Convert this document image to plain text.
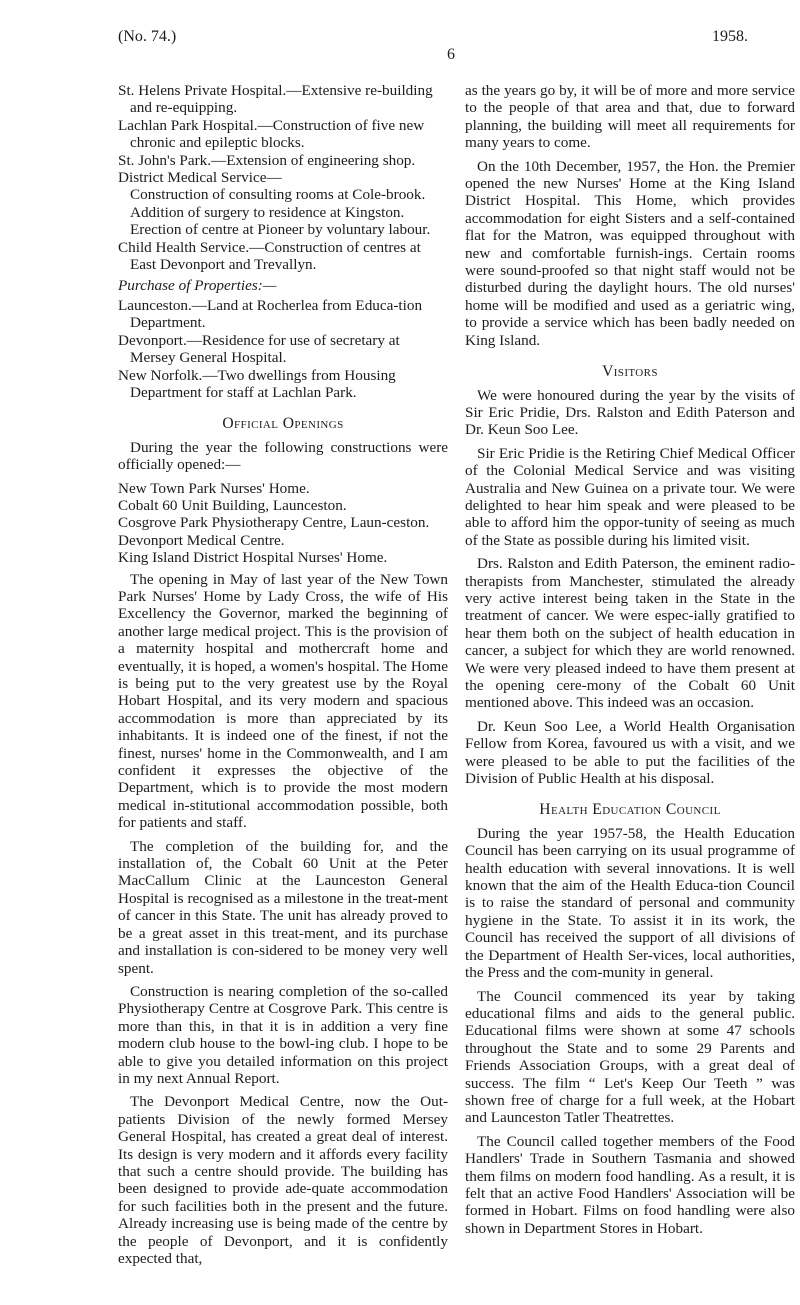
(No. 74.)	1958.
6
St. Helens Private Hospital.—Extensive re-building and re-equipping.
Lachlan Park Hospital.—Construction of five new chronic and epileptic blocks.
St. John's Park.—Extension of engineering shop.
District Medical Service—
Construction of consulting rooms at Cole-brook.
Addition of surgery to residence at Kingston.
Erection of centre at Pioneer by voluntary labour.
Child Health Service.—Construction of centres at East Devonport and Trevallyn.
Purchase of Properties:—
Launceston.—Land at Rocherlea from Educa-tion Department.
Devonport.—Residence for use of secretary at Mersey General Hospital.
New Norfolk.—Two dwellings from Housing Department for staff at Lachlan Park.
Official Openings

During the year the following constructions were officially opened:—

New Town Park Nurses' Home.
Cobalt 60 Unit Building, Launceston.
Cosgrove Park Physiotherapy Centre, Laun-ceston.
Devonport Medical Centre.
King Island District Hospital Nurses' Home.

The opening in May of last year of the New Town Park Nurses' Home by Lady Cross, the wife of His Excellency the Governor, marked the beginning of another large medical project. This is the provision of a maternity hospital and mothercraft home and eventually, it is hoped, a women's hospital. The Home is being put to the very greatest use by the Royal Hobart Hospital, and its very modern and spacious accommodation is more than appreciated by its inhabitants. It is indeed one of the finest, if not the finest, nurses' home in the Commonwealth, and I am confident it expresses the objective of the Department, which is to provide the most modern medical in-stitutional accommodation possible, both for patients and staff.

The completion of the building for, and the installation of, the Cobalt 60 Unit at the Peter MacCallum Clinic at the Launceston General Hospital is recognised as a milestone in the treat-ment of cancer in this State. The unit has already proved to be a great asset in this treat-ment, and its purchase and installation is con-sidered to be money very well spent.

Construction is nearing completion of the so-called Physiotherapy Centre at Cosgrove Park. This centre is more than this, in that it is in addition a very fine modern club house to the bowl-ing club. I hope to be able to give you detailed information on this project in my next Annual Report.

The Devonport Medical Centre, now the Out-patients Division of the newly formed Mersey General Hospital, has created a great deal of interest. Its design is very modern and it affords every facility that such a centre should provide. The building has been designed to provide ade-quate accommodation for such facilities both in the present and the future. Already increasing use is being made of the centre by the people of Devonport, and it is confidently expected that,

as the years go by, it will be of more and more service to the people of that area and that, due to forward planning, the building will meet all requirements for many years to come.

On the 10th December, 1957, the Hon. the Premier opened the new Nurses' Home at the King Island District Hospital. This Home, which provides accommodation for eight Sisters and a self-contained flat for the Matron, was equipped throughout with new and comfortable furnish-ings. Certain rooms were sound-proofed so that night staff would not be disturbed during the daylight hours. The old nurses' home will be modified and used as a geriatric wing, to provide a service which has been badly needed on King Island.

Visitors

We were honoured during the year by the visits of Sir Eric Pridie, Drs. Ralston and Edith Paterson and Dr. Keun Soo Lee.

Sir Eric Pridie is the Retiring Chief Medical Officer of the Colonial Medical Service and was visiting Australia and New Guinea on a private tour. We were delighted to hear him speak and were pleased to be able to afford him the oppor-tunity of seeing as much of the State as possible during his limited visit.

Drs. Ralston and Edith Paterson, the eminent radio-therapists from Manchester, stimulated the already very active interest being taken in the State in the treatment of cancer. We were espec-ially gratified to hear them both on the subject of health education in cancer, a subject for which they are world renowned. We were very pleased indeed to have them present at the opening cere-mony of the Cobalt 60 Unit mentioned above. This indeed was an occasion.

Dr. Keun Soo Lee, a World Health Organisation Fellow from Korea, favoured us with a visit, and we were pleased to be able to put the facilities of the Division of Public Health at his disposal.

Health Education Council

During the year 1957-58, the Health Education Council has been carrying on its usual programme of health education with several innovations. It is well known that the aim of the Health Educa-tion Council is to raise the standard of personal and community hygiene in the State. To assist it in its work, the Council has received the support of all divisions of the Department of Health Ser-vices, local authorities, the Press and the com-munity in general.

The Council commenced its year by taking educational films and aids to the general public. Educational films were shown at some 47 schools throughout the State and to some 29 Parents and Friends Association Groups, with a great deal of success. The film “ Let's Keep Our Teeth ” was shown free of charge for a full week, at the Hobart and Launceston Tatler Theatrettes.

The Council called together members of the Food Handlers' Trade in Southern Tasmania and showed them films on modern food handling. As a result, it is felt that an active Food Handlers' Association will be formed in Hobart. Films on food handling were also shown in Department Stores in Hobart.
